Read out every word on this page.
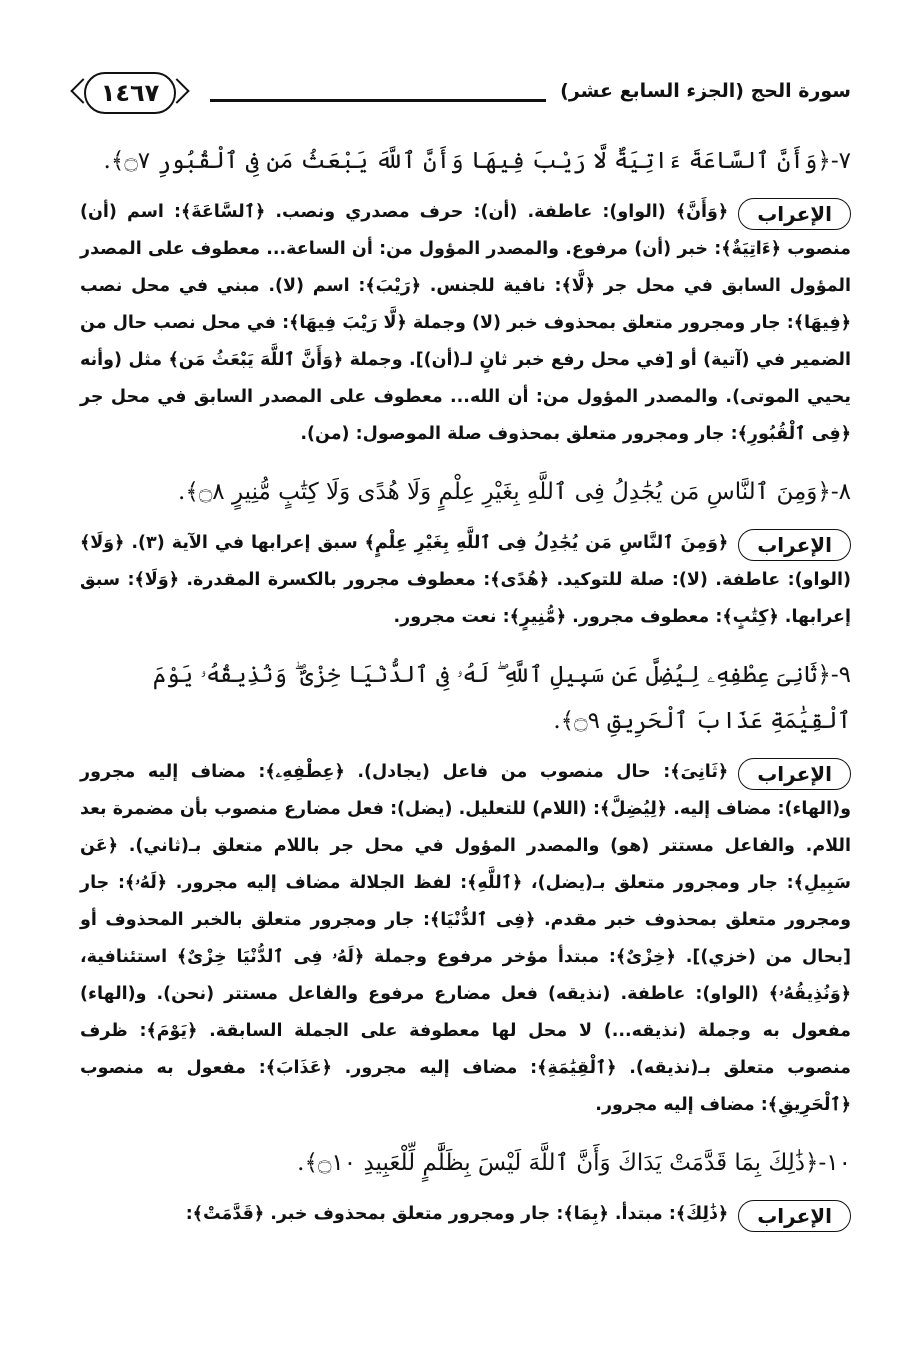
سورة الحج (الجزء السابع عشر)
١٤٦٧

٧-﴿وَأَنَّ ٱلسَّاعَةَ ءَاتِيَةٌ لَّا رَيْبَ فِيهَا وَأَنَّ ٱللَّهَ يَبْعَثُ مَن فِى ٱلْقُبُورِ ۝٧﴾.

الإعراب

﴿وَأَنَّ﴾ (الواو): عاطفة. (أن): حرف مصدري ونصب. ﴿ٱلسَّاعَةَ﴾: اسم (أن) منصوب ﴿ءَاتِيَةٌ﴾: خبر (أن) مرفوع. والمصدر المؤول من: أن الساعة... معطوف على المصدر المؤول السابق في محل جر ﴿لَّا﴾: نافية للجنس. ﴿رَيْبَ﴾: اسم (لا). مبني في محل نصب ﴿فِيهَا﴾: جار ومجرور متعلق بمحذوف خبر (لا) وجملة ﴿لَّا رَيْبَ فِيهَا﴾: في محل نصب حال من الضمير في (آتية) أو [في محل رفع خبر ثانٍ لـ(أن)]. وجملة ﴿وَأَنَّ ٱللَّهَ يَبْعَثُ مَن﴾ مثل (وأنه يحيي الموتى). والمصدر المؤول من: أن الله... معطوف على المصدر السابق في محل جر ﴿فِى ٱلْقُبُورِ﴾: جار ومجرور متعلق بمحذوف صلة الموصول: (من).

٨-﴿وَمِنَ ٱلنَّاسِ مَن يُجَٰدِلُ فِى ٱللَّهِ بِغَيْرِ عِلْمٍ وَلَا هُدًى وَلَا كِتَٰبٍ مُّنِيرٍ ۝٨﴾.

الإعراب

﴿وَمِنَ ٱلنَّاسِ مَن يُجَٰدِلُ فِى ٱللَّهِ بِغَيْرِ عِلْمٍ﴾ سبق إعرابها في الآية (٣). ﴿وَلَا﴾ (الواو): عاطفة. (لا): صلة للتوكيد. ﴿هُدًى﴾: معطوف مجرور بالكسرة المقدرة. ﴿وَلَا﴾: سبق إعرابها. ﴿كِتَٰبٍ﴾: معطوف مجرور. ﴿مُّنِيرٍ﴾: نعت مجرور.

٩-﴿ثَانِىَ عِطْفِهِۦ لِيُضِلَّ عَن سَبِيلِ ٱللَّهِ ۖ لَهُۥ فِى ٱلدُّنْيَا خِزْىٌ ۖ وَنُذِيقُهُۥ يَوْمَ ٱلْقِيَٰمَةِ عَذَابَ ٱلْحَرِيقِ ۝٩﴾.

الإعراب

﴿ثَانِىَ﴾: حال منصوب من فاعل (يجادل). ﴿عِطْفِهِۦ﴾: مضاف إليه مجرور و(الهاء): مضاف إليه. ﴿لِيُضِلَّ﴾: (اللام) للتعليل. (يضل): فعل مضارع منصوب بأن مضمرة بعد اللام. والفاعل مستتر (هو) والمصدر المؤول في محل جر باللام متعلق بـ(ثاني). ﴿عَن سَبِيلِ﴾: جار ومجرور متعلق بـ(يضل)، ﴿ٱللَّهِ﴾: لفظ الجلالة مضاف إليه مجرور. ﴿لَهُۥ﴾: جار ومجرور متعلق بمحذوف خبر مقدم. ﴿فِى ٱلدُّنْيَا﴾: جار ومجرور متعلق بالخبر المحذوف أو [بحال من (خزي)]. ﴿خِزْىٌ﴾: مبتدأ مؤخر مرفوع وجملة ﴿لَهُۥ فِى ٱلدُّنْيَا خِزْىٌ﴾ استئنافية، ﴿وَنُذِيقُهُۥ﴾ (الواو): عاطفة. (نذيقه) فعل مضارع مرفوع والفاعل مستتر (نحن). و(الهاء) مفعول به وجملة (نذيقه...) لا محل لها معطوفة على الجملة السابقة. ﴿يَوْمَ﴾: ظرف منصوب متعلق بـ(نذيقه). ﴿ٱلْقِيَٰمَةِ﴾: مضاف إليه مجرور. ﴿عَذَابَ﴾: مفعول به منصوب ﴿ٱلْحَرِيقِ﴾: مضاف إليه مجرور.

١٠-﴿ذَٰلِكَ بِمَا قَدَّمَتْ يَدَاكَ وَأَنَّ ٱللَّهَ لَيْسَ بِظَلَّٰمٍ لِّلْعَبِيدِ ۝١٠﴾.

الإعراب

﴿ذَٰلِكَ﴾: مبتدأ. ﴿بِمَا﴾: جار ومجرور متعلق بمحذوف خبر. ﴿قَدَّمَتْ﴾:
